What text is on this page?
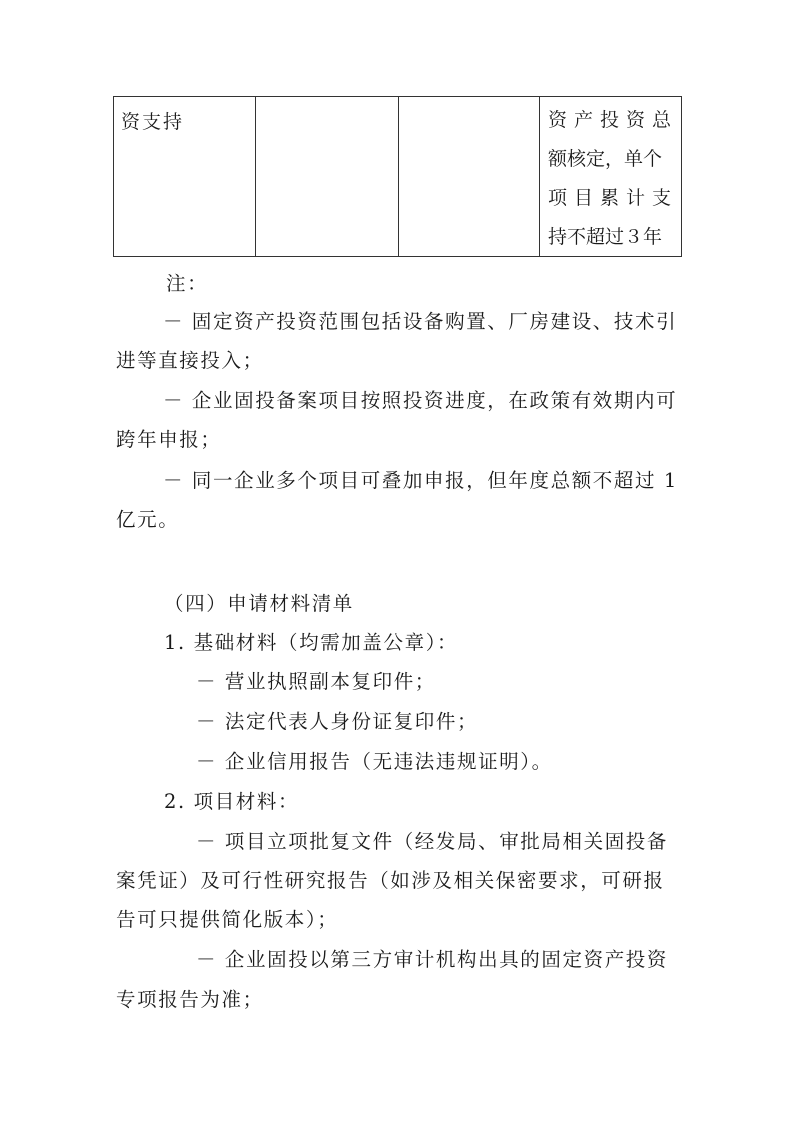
资支持	资产投资总
额核定，单个
项目累计支
持不超过３年
注：
－ 固定资产投资范围包括设备购置、厂房建设、技术引
进等直接投入；
－ 企业固投备案项目按照投资进度，在政策有效期内可
跨年申报；
－ 同一企业多个项目可叠加申报，但年度总额不超过 1
亿元。
（四）申请材料清单
1. 基础材料（均需加盖公章）：
－ 营业执照副本复印件；
－ 法定代表人身份证复印件；
－ 企业信用报告（无违法违规证明）。
2. 项目材料：
－ 项目立项批复文件（经发局、审批局相关固投备
案凭证）及可行性研究报告（如涉及相关保密要求，可研报
告可只提供简化版本）；
－ 企业固投以第三方审计机构出具的固定资产投资
专项报告为准；
